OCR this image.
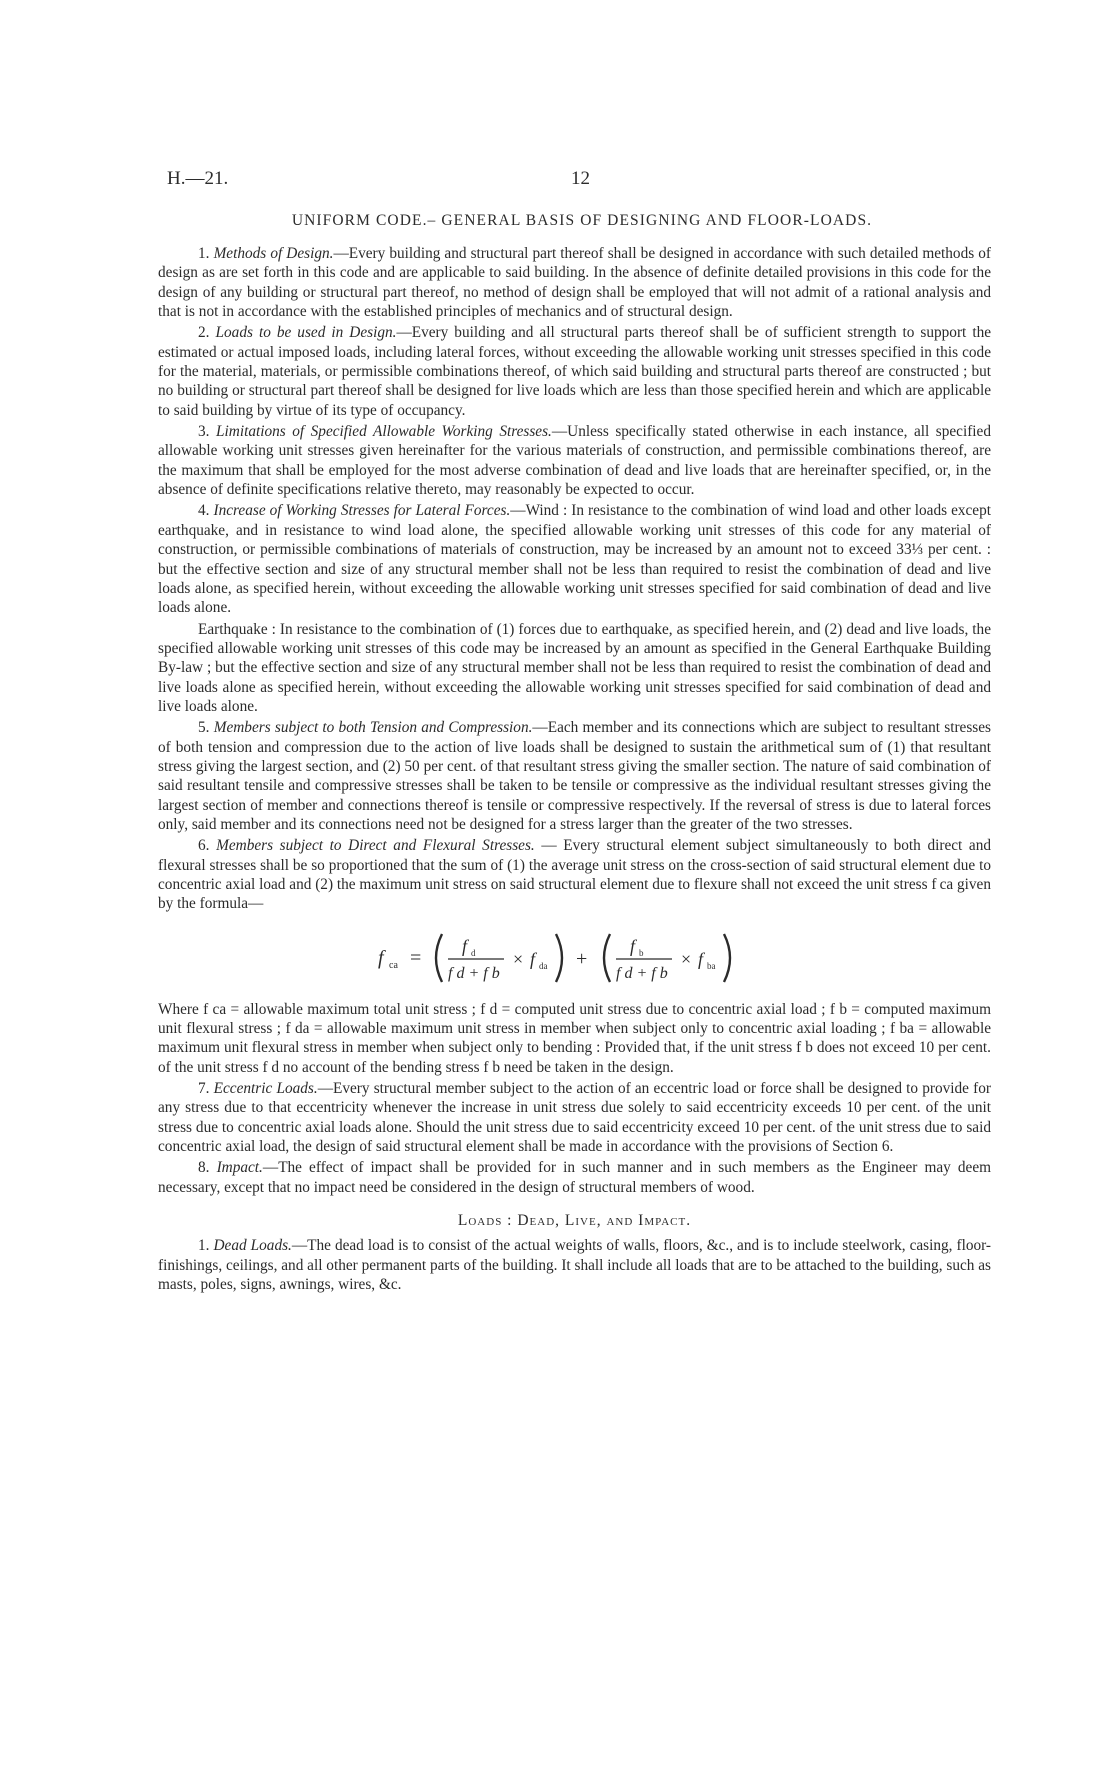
H.—21.	12
UNIFORM CODE.– GENERAL BASIS OF DESIGNING AND FLOOR-LOADS.

1. Methods of Design.—Every building and structural part thereof shall be designed in accordance with such detailed methods of design as are set forth in this code and are applicable to said building. In the absence of definite detailed provisions in this code for the design of any building or structural part thereof, no method of design shall be employed that will not admit of a rational analysis and that is not in accordance with the established principles of mechanics and of structural design.

2. Loads to be used in Design.—Every building and all structural parts thereof shall be of sufficient strength to support the estimated or actual imposed loads, including lateral forces, without exceeding the allowable working unit stresses specified in this code for the material, materials, or permissible combinations thereof, of which said building and structural parts thereof are constructed ; but no building or structural part thereof shall be designed for live loads which are less than those specified herein and which are applicable to said building by virtue of its type of occupancy.

3. Limitations of Specified Allowable Working Stresses.—Unless specifically stated otherwise in each instance, all specified allowable working unit stresses given hereinafter for the various materials of construction, and permissible combinations thereof, are the maximum that shall be employed for the most adverse combination of dead and live loads that are hereinafter specified, or, in the absence of definite specifications relative thereto, may reasonably be expected to occur.

4. Increase of Working Stresses for Lateral Forces.—Wind : In resistance to the combination of wind load and other loads except earthquake, and in resistance to wind load alone, the specified allowable working unit stresses of this code for any material of construction, or permissible combinations of materials of construction, may be increased by an amount not to exceed 33⅓ per cent. : but the effective section and size of any structural member shall not be less than required to resist the combination of dead and live loads alone, as specified herein, without exceeding the allowable working unit stresses specified for said combination of dead and live loads alone.

Earthquake : In resistance to the combination of (1) forces due to earthquake, as specified herein, and (2) dead and live loads, the specified allowable working unit stresses of this code may be increased by an amount as specified in the General Earthquake Building By-law ; but the effective section and size of any structural member shall not be less than required to resist the combination of dead and live loads alone as specified herein, without exceeding the allowable working unit stresses specified for said combination of dead and live loads alone.

5. Members subject to both Tension and Compression.—Each member and its connections which are subject to resultant stresses of both tension and compression due to the action of live loads shall be designed to sustain the arithmetical sum of (1) that resultant stress giving the largest section, and (2) 50 per cent. of that resultant stress giving the smaller section. The nature of said combination of said resultant tensile and compressive stresses shall be taken to be tensile or compressive as the individual resultant stresses giving the largest section of member and connections thereof is tensile or compressive respectively. If the reversal of stress is due to lateral forces only, said member and its connections need not be designed for a stress larger than the greater of the two stresses.

6. Members subject to Direct and Flexural Stresses. — Every structural element subject simultaneously to both direct and flexural stresses shall be so proportioned that the sum of (1) the average unit stress on the cross-section of said structural element due to concentric axial load and (2) the maximum unit stress on said structural element due to flexure shall not exceed the unit stress f ca given by the formula—

f ca =
f d
f d + f b
× f da +
f b
f d + f b
× f ba

Where f ca = allowable maximum total unit stress ; f d = computed unit stress due to concentric axial load ; f b = computed maximum unit flexural stress ; f da = allowable maximum unit stress in member when subject only to concentric axial loading ; f ba = allowable maximum unit flexural stress in member when subject only to bending : Provided that, if the unit stress f b does not exceed 10 per cent. of the unit stress f d no account of the bending stress f b need be taken in the design.

7. Eccentric Loads.—Every structural member subject to the action of an eccentric load or force shall be designed to provide for any stress due to that eccentricity whenever the increase in unit stress due solely to said eccentricity exceeds 10 per cent. of the unit stress due to concentric axial loads alone. Should the unit stress due to said eccentricity exceed 10 per cent. of the unit stress due to said concentric axial load, the design of said structural element shall be made in accordance with the provisions of Section 6.

8. Impact.—The effect of impact shall be provided for in such manner and in such members as the Engineer may deem necessary, except that no impact need be considered in the design of structural members of wood.

Loads : Dead, Live, and Impact.

1. Dead Loads.—The dead load is to consist of the actual weights of walls, floors, &c., and is to include steelwork, casing, floor-finishings, ceilings, and all other permanent parts of the building. It shall include all loads that are to be attached to the building, such as masts, poles, signs, awnings, wires, &c.
